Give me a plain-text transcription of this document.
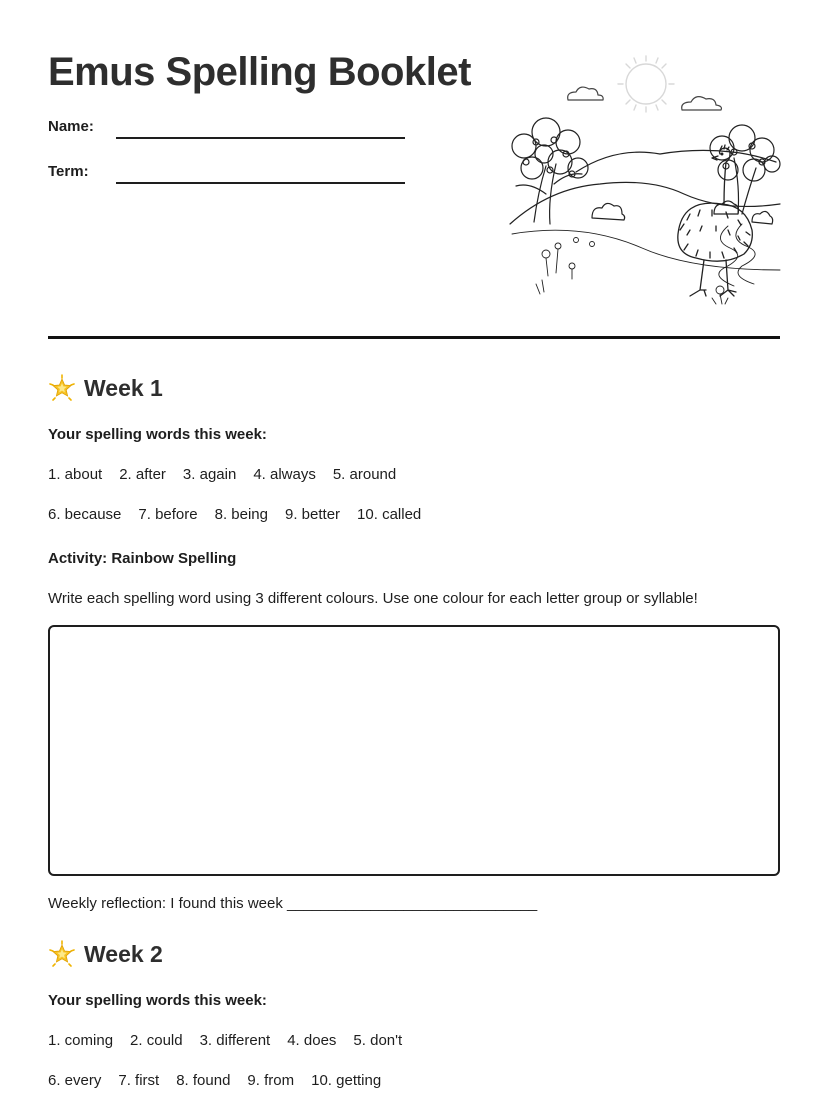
Emus Spelling Booklet
Name:
Term:
Week 1
Your spelling words this week:
1. about 2. after 3. again 4. always 5. around
6. because 7. before 8. being 9. better 10. called
Activity: Rainbow Spelling
Write each spelling word using 3 different colours. Use one colour for each letter group or syllable!
Weekly reflection: I found this week ______________________________
Week 2
Your spelling words this week:
1. coming 2. could 3. different 4. does 5. don't
6. every 7. first 8. found 9. from 10. getting
